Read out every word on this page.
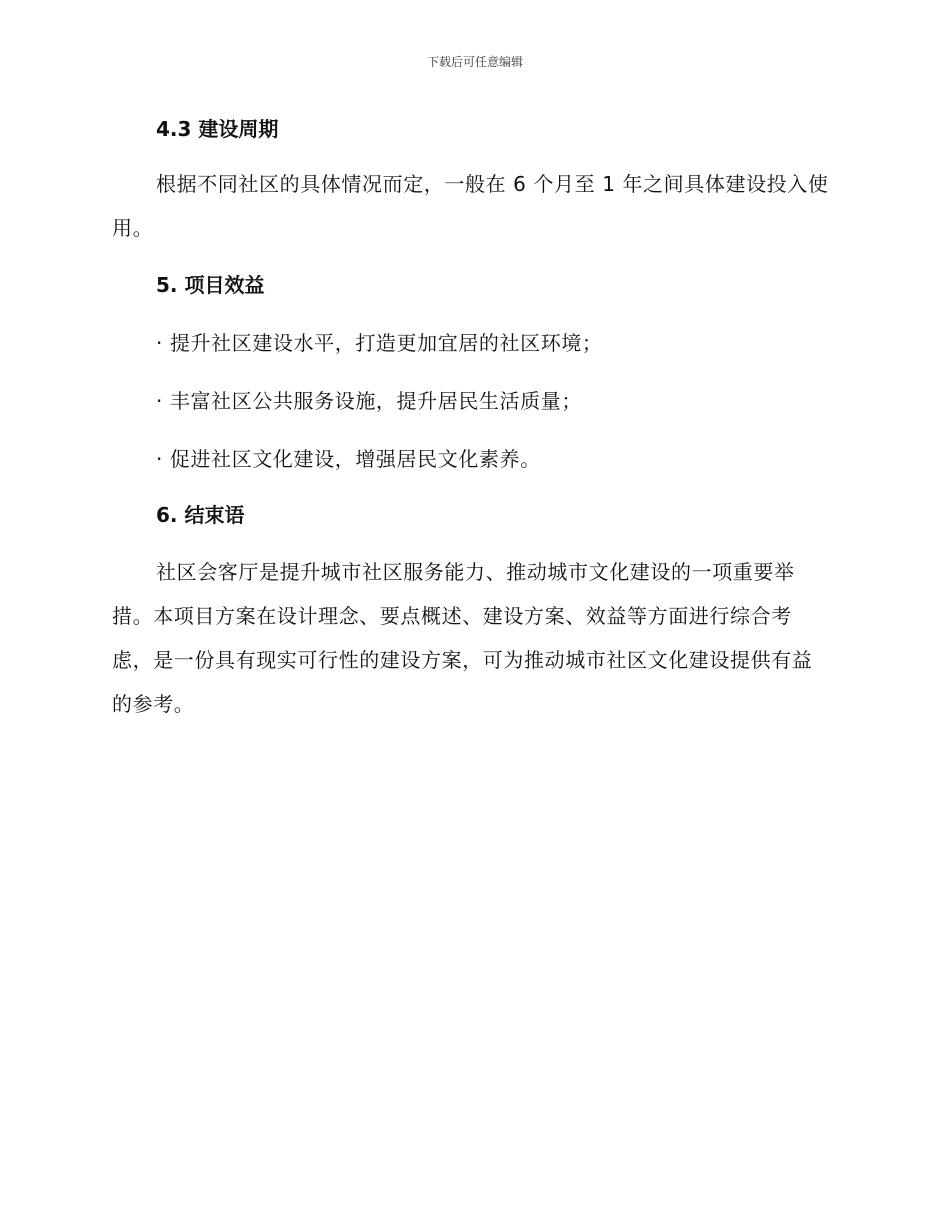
下载后可任意编辑
4.3 建设周期

根据不同社区的具体情况而定，一般在 6 个月至 1 年之间具体建设投入使用。

5. 项目效益

· 提升社区建设水平，打造更加宜居的社区环境；

· 丰富社区公共服务设施，提升居民生活质量；

· 促进社区文化建设，增强居民文化素养。

6. 结束语

社区会客厅是提升城市社区服务能力、推动城市文化建设的一项重要举措。本项目方案在设计理念、要点概述、建设方案、效益等方面进行综合考虑，是一份具有现实可行性的建设方案，可为推动城市社区文化建设提供有益的参考。
